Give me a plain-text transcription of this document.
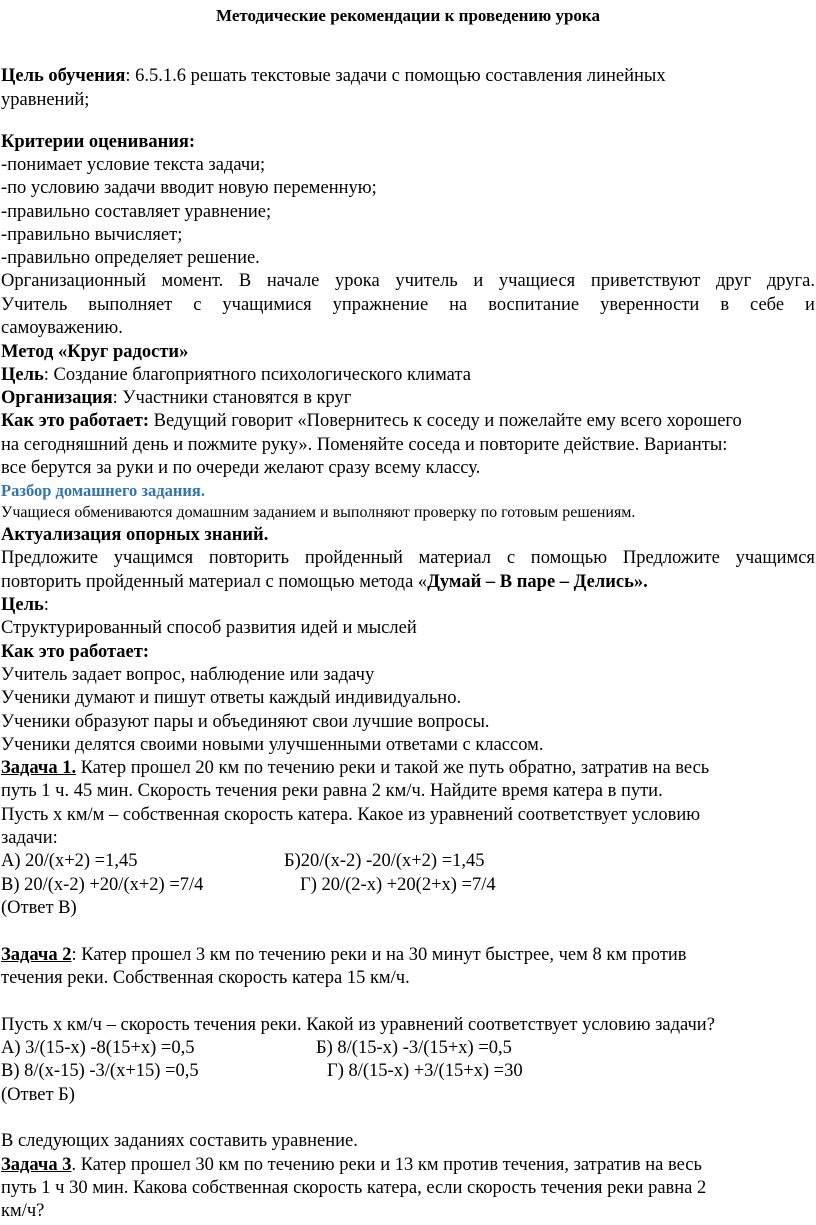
Методические рекомендации к проведению урока
Цель обучения: 6.5.1.6 решать текстовые задачи с помощью составления линейных
уравнений;
Критерии оценивания:
-понимает условие текста задачи;
-по условию задачи вводит новую переменную;
-правильно составляет уравнение;
-правильно вычисляет;
-правильно определяет решение.
Организационный момент. В начале урока учитель и учащиеся приветствуют друг друга.
Учитель выполняет с учащимися упражнение на воспитание уверенности в себе и
самоуважению.
Метод «Круг радости»
Цель: Создание благоприятного психологического климата
Организация: Участники становятся в круг
Как это работает: Ведущий говорит «Повернитесь к соседу и пожелайте ему всего хорошего
на сегодняшний день и пожмите руку». Поменяйте соседа и повторите действие. Варианты:
все берутся за руки и по очереди желают сразу всему классу.
Разбор домашнего задания.
Учащиеся обмениваются домашним заданием и выполняют проверку по готовым решениям.
Актуализация опорных знаний.
Предложите учащимся повторить пройденный материал с помощью Предложите учащимся
повторить пройденный материал с помощью метода «Думай – В паре – Делись».
Цель:
Структурированный способ развития идей и мыслей
Как это работает:
Учитель задает вопрос, наблюдение или задачу
Ученики думают и пишут ответы каждый индивидуально.
Ученики образуют пары и объединяют свои лучшие вопросы.
Ученики делятся своими новыми улучшенными ответами с классом.
Задача 1. Катер прошел 20 км по течению реки и такой же путь обратно, затратив на весь
путь 1 ч. 45 мин. Скорость течения реки равна 2 км/ч. Найдите время катера в пути.
Пусть х км/м – собственная скорость катера. Какое из уравнений соответствует условию
задачи:
А) 20/(х+2) =1,45	Б)20/(х-2) -20/(х+2) =1,45
В) 20/(х-2) +20/(х+2) =7/4	Г) 20/(2-х) +20(2+х) =7/4
(Ответ В)
Задача 2: Катер прошел 3 км по течению реки и на 30 минут быстрее, чем 8 км против
течения реки. Собственная скорость катера 15 км/ч.
Пусть х км/ч – скорость течения реки. Какой из уравнений соответствует условию задачи?
А) 3/(15-х) -8(15+х) =0,5	Б) 8/(15-х) -3/(15+х) =0,5
В) 8/(х-15) -3/(х+15) =0,5	Г) 8/(15-х) +3/(15+х) =30
(Ответ Б)
В следующих заданиях составить уравнение.
Задача 3. Катер прошел 30 км по течению реки и 13 км против течения, затратив на весь
путь 1 ч 30 мин. Какова собственная скорость катера, если скорость течения реки равна 2
км/ч?
